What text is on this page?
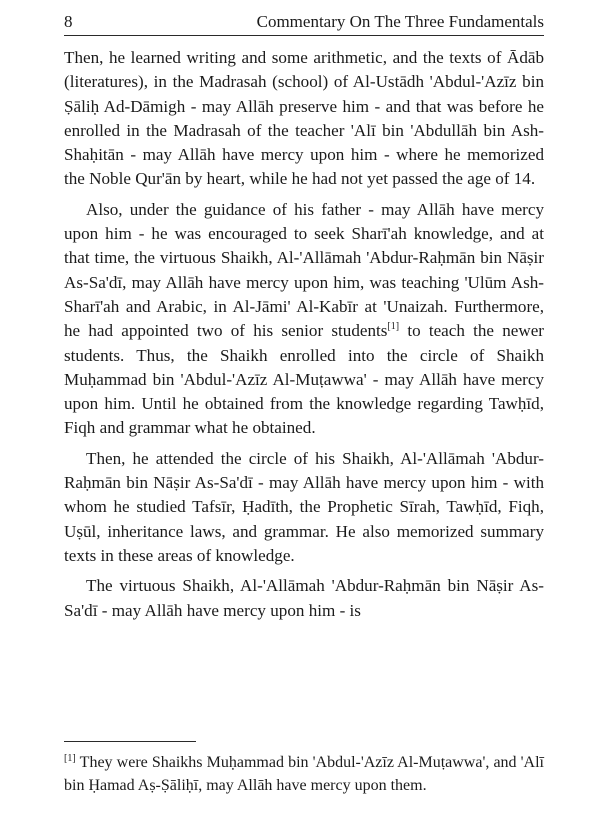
8	Commentary On The Three Fundamentals

Then, he learned writing and some arithmetic, and the texts of Ādāb (literatures), in the Madrasah (school) of Al-Ustādh 'Abdul-'Azīz bin Ṣāliḥ Ad-Dāmigh - may Allāh preserve him - and that was before he enrolled in the Madrasah of the teacher 'Alī bin 'Abdullāh bin Ash-Shaḥitān - may Allāh have mercy upon him - where he memorized the Noble Qur'ān by heart, while he had not yet passed the age of 14.

Also, under the guidance of his father - may Allāh have mercy upon him - he was encouraged to seek Sharī'ah knowledge, and at that time, the virtuous Shaikh, Al-'Allāmah 'Abdur-Raḥmān bin Nāṣir As-Sa'dī, may Allāh have mercy upon him, was teaching 'Ulūm Ash-Sharī'ah and Arabic, in Al-Jāmi' Al-Kabīr at 'Unaizah. Furthermore, he had appointed two of his senior students[1] to teach the newer students. Thus, the Shaikh enrolled into the circle of Shaikh Muḥammad bin 'Abdul-'Azīz Al-Muṭawwa' - may Allāh have mercy upon him. Until he obtained from the knowledge regarding Tawḥīd, Fiqh and grammar what he obtained.

Then, he attended the circle of his Shaikh, Al-'Allāmah 'Abdur-Raḥmān bin Nāṣir As-Sa'dī - may Allāh have mercy upon him - with whom he studied Tafsīr, Ḥadīth, the Prophetic Sīrah, Tawḥīd, Fiqh, Uṣūl, inheritance laws, and grammar. He also memorized summary texts in these areas of knowledge.

The virtuous Shaikh, Al-'Allāmah 'Abdur-Raḥmān bin Nāṣir As-Sa'dī - may Allāh have mercy upon him - is

[1] They were Shaikhs Muḥammad bin 'Abdul-'Azīz Al-Muṭawwa', and 'Alī bin Ḥamad Aṣ-Ṣāliḥī, may Allāh have mercy upon them.
